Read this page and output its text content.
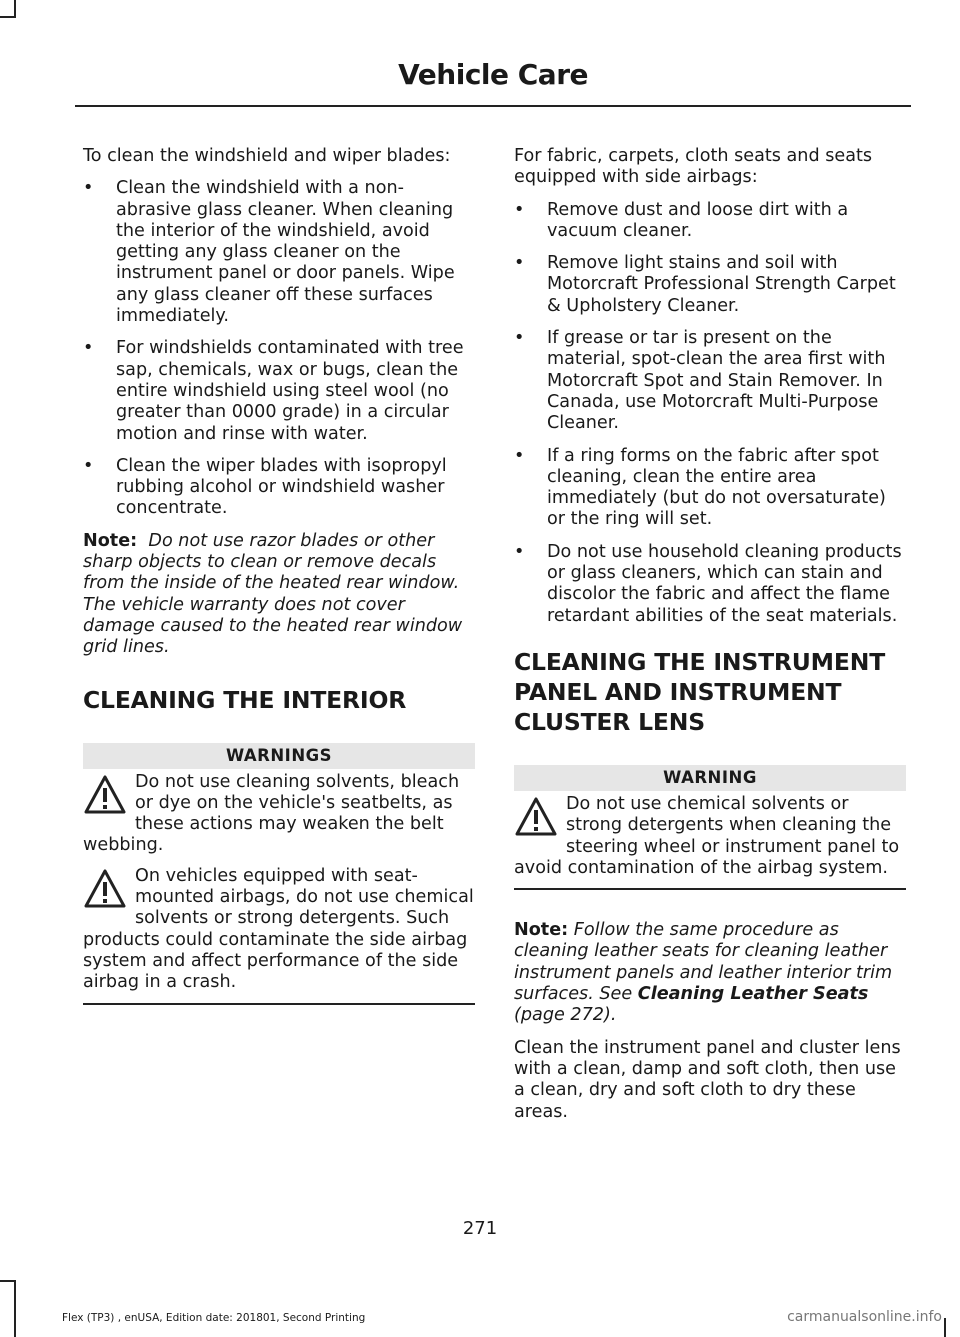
Vehicle Care

To clean the windshield and wiper blades:

• Clean the windshield with a non-abrasive glass cleaner. When cleaning the interior of the windshield, avoid getting any glass cleaner on the instrument panel or door panels. Wipe any glass cleaner off these surfaces immediately.
• For windshields contaminated with tree sap, chemicals, wax or bugs, clean the entire windshield using steel wool (no greater than 0000 grade) in a circular motion and rinse with water.
• Clean the wiper blades with isopropyl rubbing alcohol or windshield washer concentrate.

Note: Do not use razor blades or other sharp objects to clean or remove decals from the inside of the heated rear window. The vehicle warranty does not cover damage caused to the heated rear window grid lines.

CLEANING THE INTERIOR
WARNINGS
Do not use cleaning solvents, bleach or dye on the vehicle's seatbelts, as these actions may weaken the belt webbing.
On vehicles equipped with seat-mounted airbags, do not use chemical solvents or strong detergents. Such products could contaminate the side airbag system and affect performance of the side airbag in a crash.

For fabric, carpets, cloth seats and seats equipped with side airbags:

• Remove dust and loose dirt with a vacuum cleaner.
• Remove light stains and soil with Motorcraft Professional Strength Carpet & Upholstery Cleaner.
• If grease or tar is present on the material, spot-clean the area first with Motorcraft Spot and Stain Remover. In Canada, use Motorcraft Multi-Purpose Cleaner.
• If a ring forms on the fabric after spot cleaning, clean the entire area immediately (but do not oversaturate) or the ring will set.
• Do not use household cleaning products or glass cleaners, which can stain and discolor the fabric and affect the flame retardant abilities of the seat materials.
CLEANING THE INSTRUMENT
PANEL AND INSTRUMENT
CLUSTER LENS
WARNING
Do not use chemical solvents or strong detergents when cleaning the steering wheel or instrument panel to avoid contamination of the airbag system.

Note: Follow the same procedure as cleaning leather seats for cleaning leather instrument panels and leather interior trim surfaces. See Cleaning Leather Seats (page 272).

Clean the instrument panel and cluster lens with a clean, damp and soft cloth, then use a clean, dry and soft cloth to dry these areas.

271
Flex (TP3) , enUSA, Edition date: 201801, Second Printing	carmanualsonline.info
